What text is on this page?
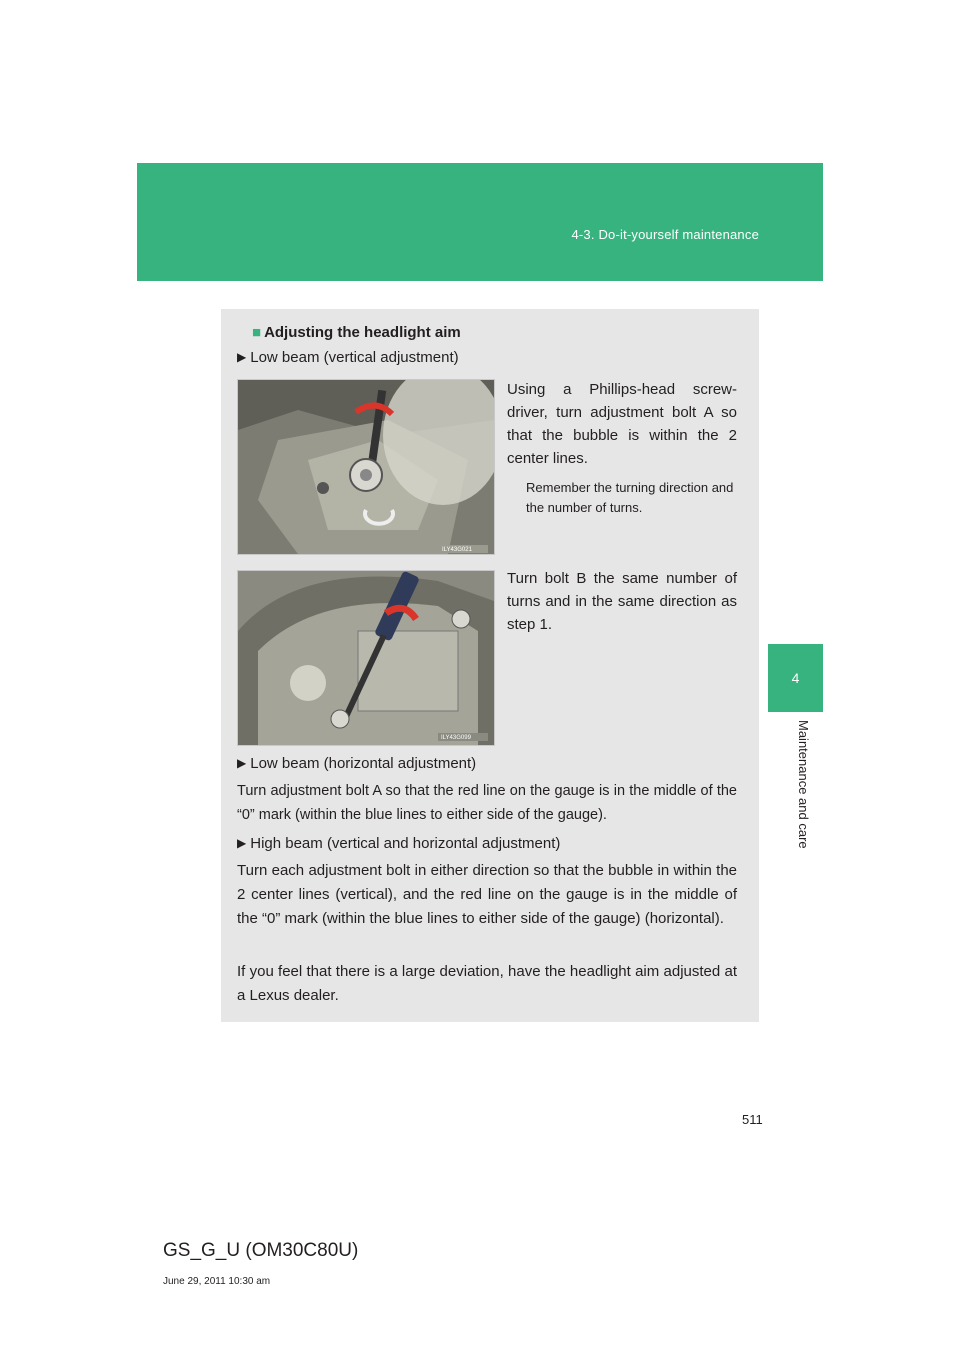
4-3. Do-it-yourself maintenance
4
Maintenance and care
■ Adjusting the headlight aim
▶ Low beam (vertical adjustment)
ILY43G021
Using a Phillips-head screw-driver, turn adjustment bolt A so that the bubble is within the 2 center lines.
Remember the turning direction and the number of turns.
ILY43G099
Turn bolt B the same number of turns and in the same direction as step 1.
▶ Low beam (horizontal adjustment)
Turn adjustment bolt A so that the red line on the gauge is in the middle of the “0” mark (within the blue lines to either side of the gauge).
▶ High beam (vertical and horizontal adjustment)
Turn each adjustment bolt in either direction so that the bubble in within the 2 center lines (vertical), and the red line on the gauge is in the middle of the “0” mark (within the blue lines to either side of the gauge) (horizontal).
If you feel that there is a large deviation, have the headlight aim adjusted at a Lexus dealer.
511
GS_G_U (OM30C80U)
June 29, 2011 10:30 am
